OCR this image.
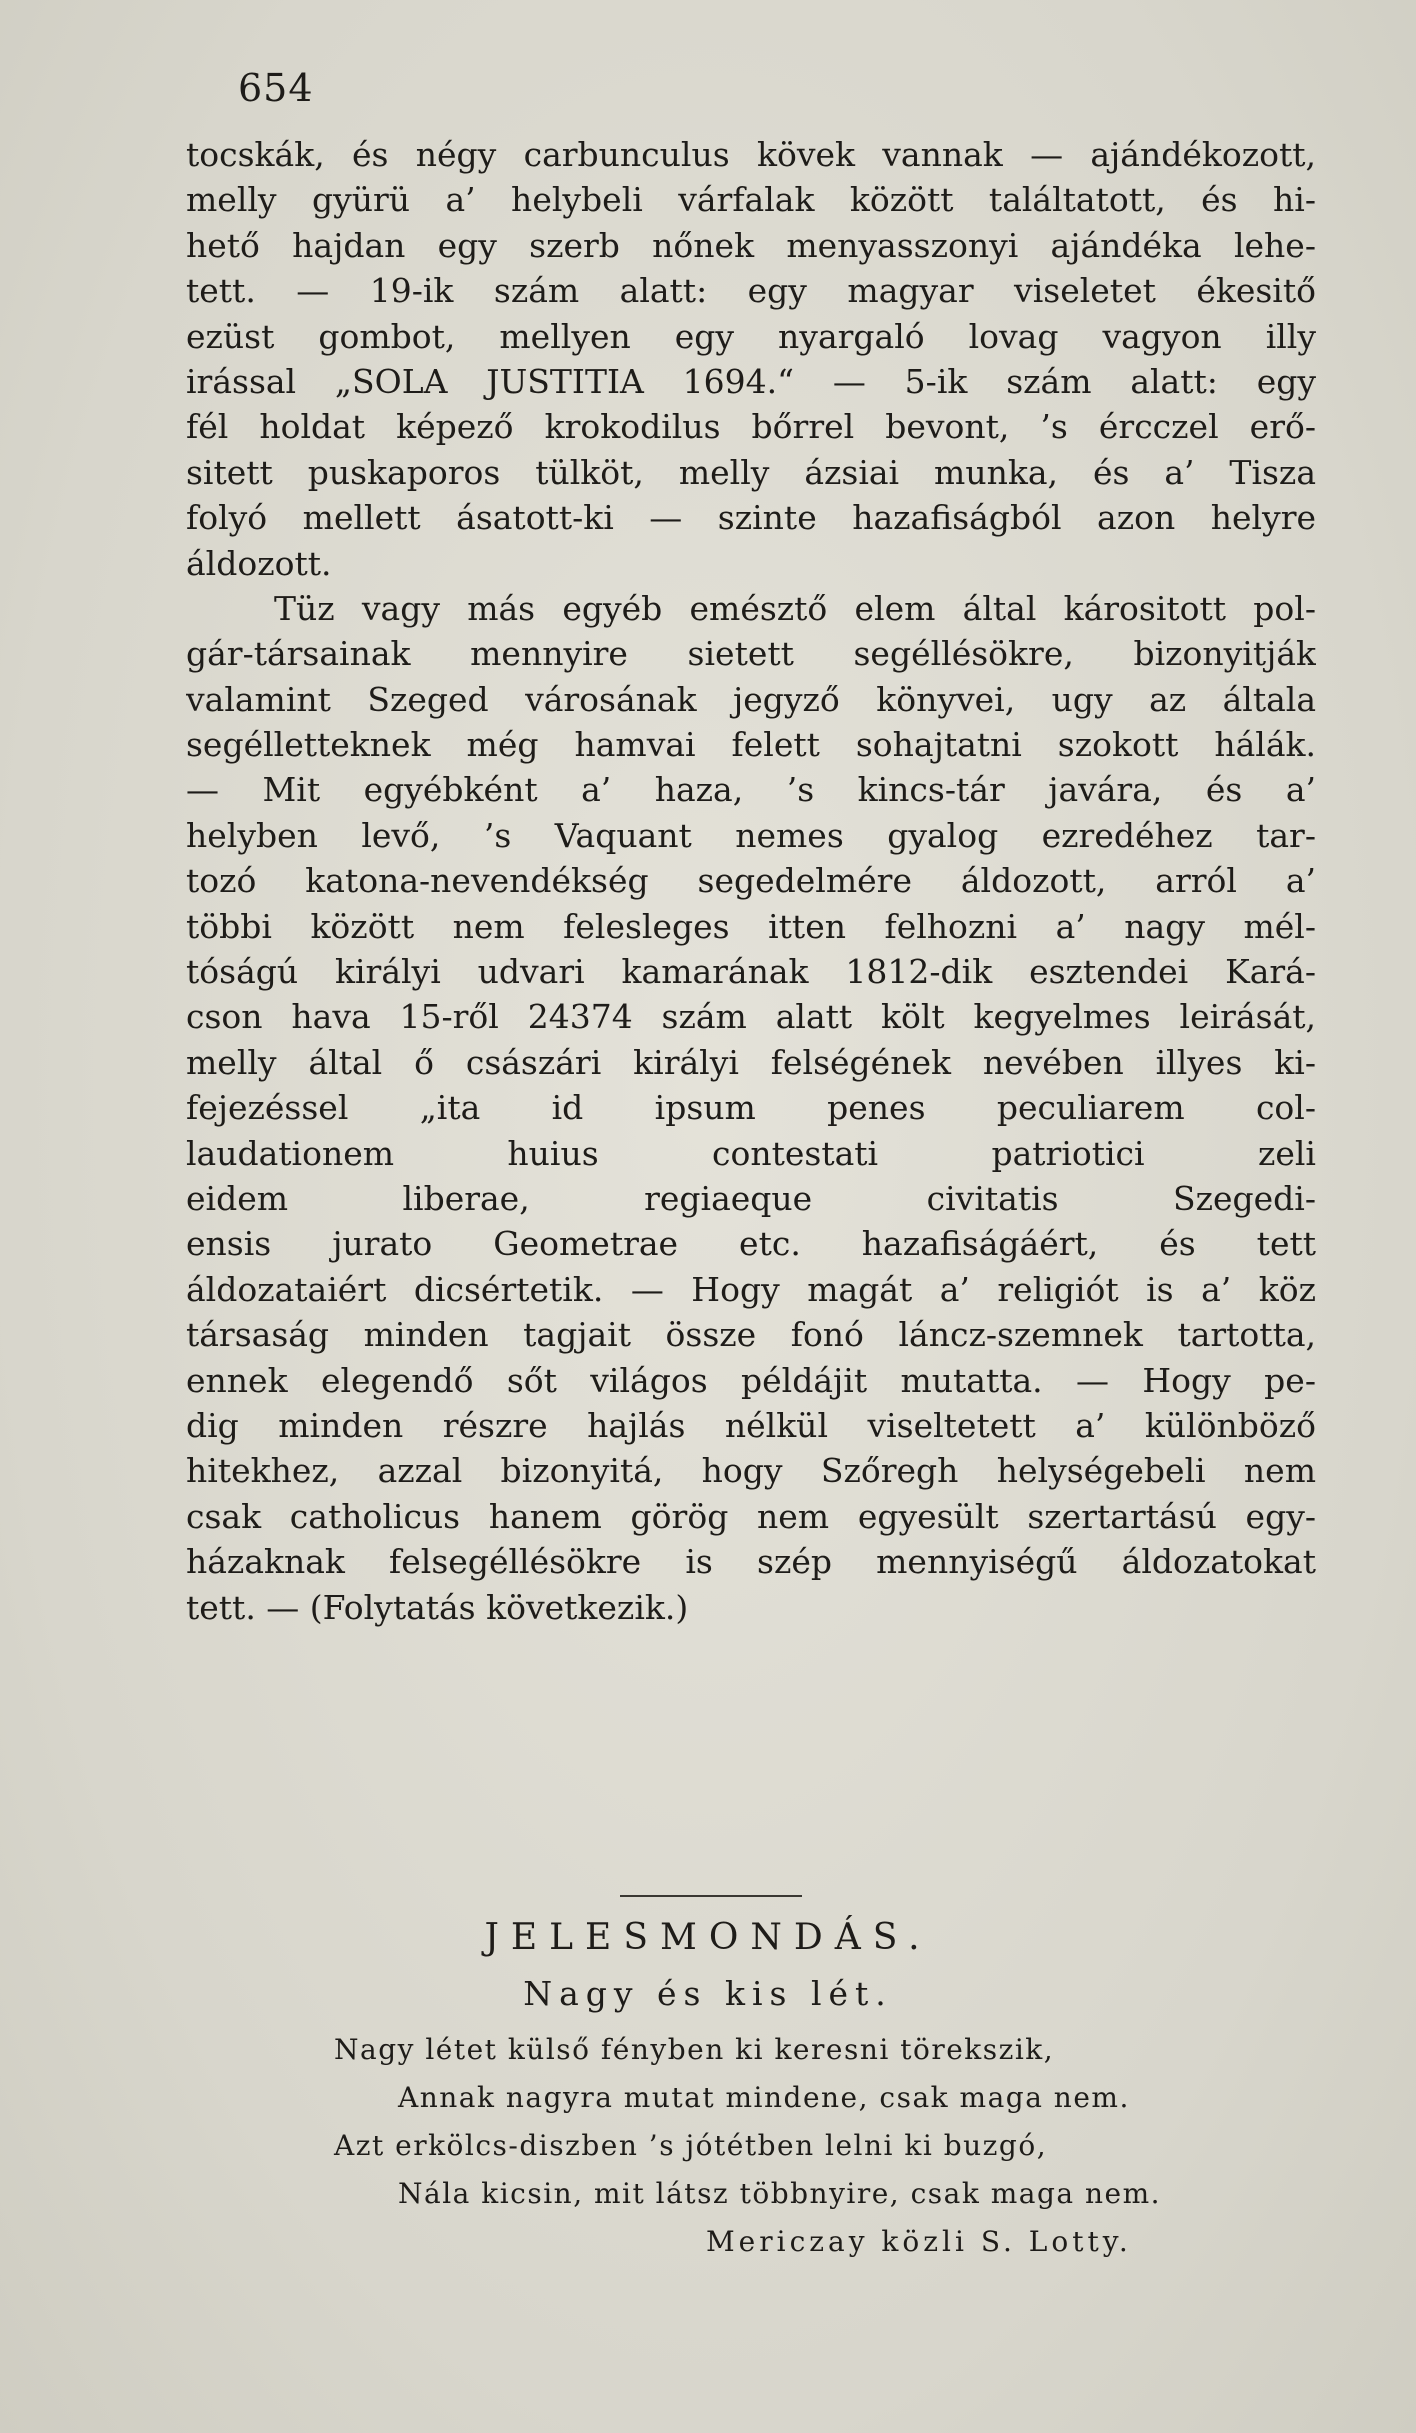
654
tocskák, és négy carbunculus kövek vannak — ajándékozott,
melly gyürü a’ helybeli várfalak között találtatott, és hi-
hető hajdan egy szerb nőnek menyasszonyi ajándéka lehe-
tett. — 19-ik szám alatt: egy magyar viseletet ékesitő
ezüst gombot, mellyen egy nyargaló lovag vagyon illy
irással „SOLA JUSTITIA 1694.“ — 5-ik szám alatt: egy
fél holdat képező krokodilus bőrrel bevont, ’s ércczel erő-
sitett puskaporos tülköt, melly ázsiai munka, és a’ Tisza
folyó mellett ásatott-ki — szinte hazafiságból azon helyre
áldozott.
Tüz vagy más egyéb emésztő elem által kárositott pol-
gár-társainak mennyire sietett segéllésökre, bizonyitják
valamint Szeged városának jegyző könyvei, ugy az általa
segélletteknek még hamvai felett sohajtatni szokott hálák.
— Mit egyébként a’ haza, ’s kincs-tár javára, és a’
helyben levő, ’s Vaquant nemes gyalog ezredéhez tar-
tozó katona-nevendékség segedelmére áldozott, arról a’
többi között nem felesleges itten felhozni a’ nagy mél-
tóságú királyi udvari kamarának 1812-dik esztendei Kará-
cson hava 15-ről 24374 szám alatt költ kegyelmes leirását,
melly által ő császári királyi felségének nevében illyes ki-
fejezéssel „ita id ipsum penes peculiarem col-
laudationem huius contestati patriotici zeli
eidem liberae, regiaeque civitatis Szegedi-
ensis jurato Geometrae etc. hazafiságáért, és tett
áldozataiért dicsértetik. — Hogy magát a’ religiót is a’ köz
társaság minden tagjait össze fonó láncz-szemnek tartotta,
ennek elegendő sőt világos példájit mutatta. — Hogy pe-
dig minden részre hajlás nélkül viseltetett a’ különböző
hitekhez, azzal bizonyitá, hogy Szőregh helységebeli nem
csak catholicus hanem görög nem egyesült szertartású egy-
házaknak felsegéllésökre is szép mennyiségű áldozatokat
tett. — (Folytatás következik.)
JELESMONDÁS.
Nagy és kis lét.
Nagy létet külső fényben ki keresni törekszik,
Annak nagyra mutat mindene, csak maga nem.
Azt erkölcs-diszben ’s jótétben lelni ki buzgó,
Nála kicsin, mit látsz többnyire, csak maga nem.
Mericzay közli S. Lotty.
